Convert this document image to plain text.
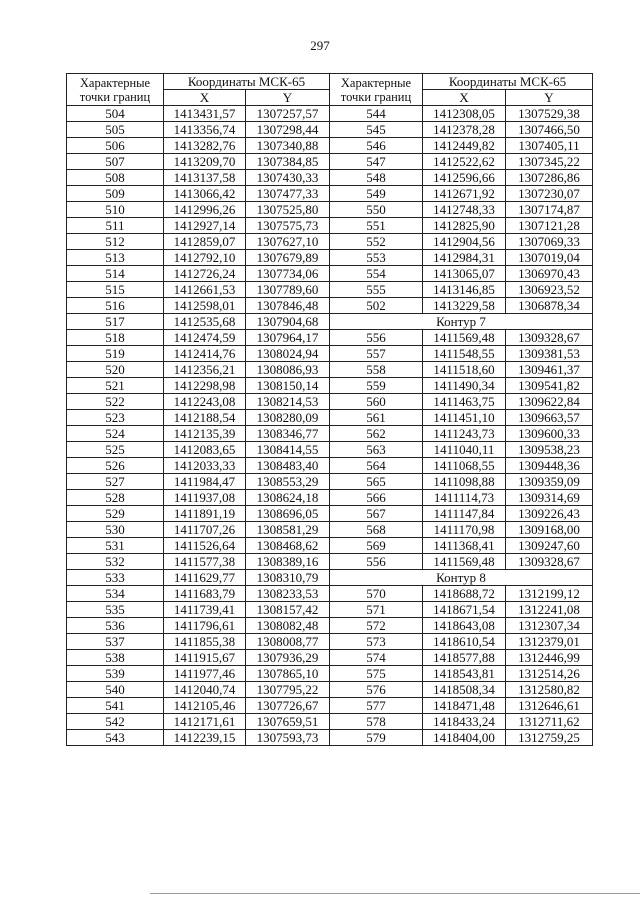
297
Характерные точки границ	Координаты МСК-65		Характерные точки границ	Координаты МСК-65	
	X	Y		X	Y
504	1413431,57	1307257,57	544	1412308,05	1307529,38
505	1413356,74	1307298,44	545	1412378,28	1307466,50
506	1413282,76	1307340,88	546	1412449,82	1307405,11
507	1413209,70	1307384,85	547	1412522,62	1307345,22
508	1413137,58	1307430,33	548	1412596,66	1307286,86
509	1413066,42	1307477,33	549	1412671,92	1307230,07
510	1412996,26	1307525,80	550	1412748,33	1307174,87
511	1412927,14	1307575,73	551	1412825,90	1307121,28
512	1412859,07	1307627,10	552	1412904,56	1307069,33
513	1412792,10	1307679,89	553	1412984,31	1307019,04
514	1412726,24	1307734,06	554	1413065,07	1306970,43
515	1412661,53	1307789,60	555	1413146,85	1306923,52
516	1412598,01	1307846,48	502	1413229,58	1306878,34
517	1412535,68	1307904,68	Контур 7		
518	1412474,59	1307964,17	556	1411569,48	1309328,67
519	1412414,76	1308024,94	557	1411548,55	1309381,53
520	1412356,21	1308086,93	558	1411518,60	1309461,37
521	1412298,98	1308150,14	559	1411490,34	1309541,82
522	1412243,08	1308214,53	560	1411463,75	1309622,84
523	1412188,54	1308280,09	561	1411451,10	1309663,57
524	1412135,39	1308346,77	562	1411243,73	1309600,33
525	1412083,65	1308414,55	563	1411040,11	1309538,23
526	1412033,33	1308483,40	564	1411068,55	1309448,36
527	1411984,47	1308553,29	565	1411098,88	1309359,09
528	1411937,08	1308624,18	566	1411114,73	1309314,69
529	1411891,19	1308696,05	567	1411147,84	1309226,43
530	1411707,26	1308581,29	568	1411170,98	1309168,00
531	1411526,64	1308468,62	569	1411368,41	1309247,60
532	1411577,38	1308389,16	556	1411569,48	1309328,67
533	1411629,77	1308310,79	Контур 8		
534	1411683,79	1308233,53	570	1418688,72	1312199,12
535	1411739,41	1308157,42	571	1418671,54	1312241,08
536	1411796,61	1308082,48	572	1418643,08	1312307,34
537	1411855,38	1308008,77	573	1418610,54	1312379,01
538	1411915,67	1307936,29	574	1418577,88	1312446,99
539	1411977,46	1307865,10	575	1418543,81	1312514,26
540	1412040,74	1307795,22	576	1418508,34	1312580,82
541	1412105,46	1307726,67	577	1418471,48	1312646,61
542	1412171,61	1307659,51	578	1418433,24	1312711,62
543	1412239,15	1307593,73	579	1418404,00	1312759,25
